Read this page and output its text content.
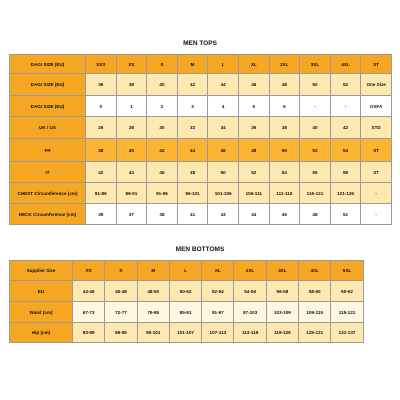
MEN TOPS
DAGI SIZE (EU)	XXS	XS	S	M	L	XL	2XL	3XL	4XL	ST
DAGI SIZE (EU)	36	38	40	42	44	46	48	50	52	One Size
DAGI SIZE (EU)	0	1	2	3	4	5	6	-	-	OSFA
UK / US	26	28	30	32	34	36	38	40	42	STD
FR	38	40	42	44	46	48	50	52	54	ST
IT	42	44	46	48	50	52	54	56	58	ST
CHEST Circumference (cm)	81-86	86-91	91-96	96-101	101-106	106-111	111-116	116-121	121-126	-
NECK Circumference (cm)	35	37	38	41	43	44	46	48	51	-
MEN BOTTOMS
Supplier Size	XS	S	M	L	XL	2XL	3XL	4XL	5XL
EU	44-46	46-48	48-50	50-52	52-54	54-56	56-58	58-60	60-62
Waist (cm)	67-73	72-77	79-85	85-91	91-97	97-103	103-109	109-115	115-121
Hip (cm)	83-89	89-95	95-101	101-107	107-113	113-119	119-125	125-131	131-137
